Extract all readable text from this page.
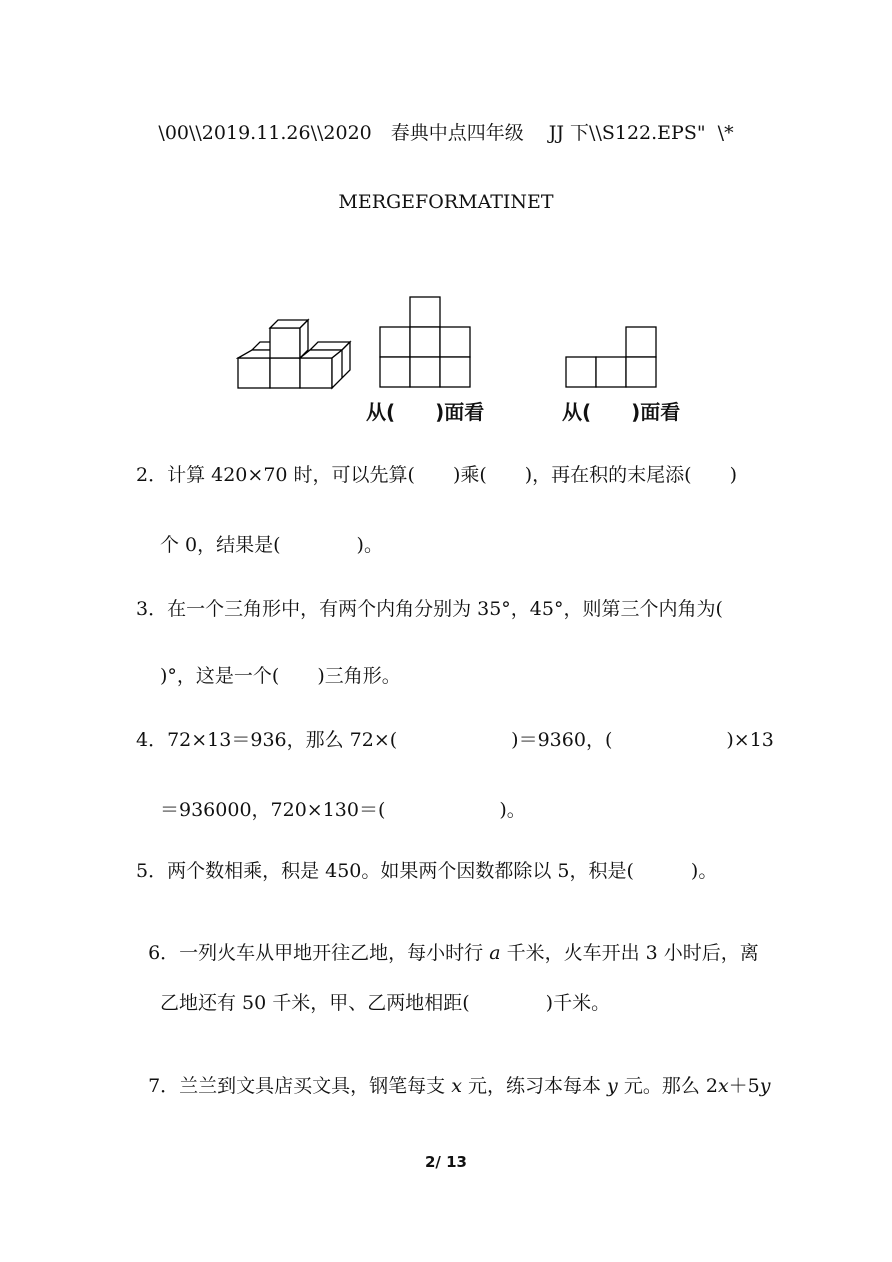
\00\\2019.11.26\\2020　春典中点四年级　 JJ 下\\S122.EPS"  \*
MERGEFORMATINET
从(　　)面看	从(　　)面看
2．计算 420×70 时，可以先算(　　)乘(　　)，再在积的末尾添(　　)
个 0，结果是(　　　　)。
3．在一个三角形中，有两个内角分别为 35°，45°，则第三个内角为(
)°，这是一个(　　)三角形。
4．72×13＝936，那么 72×(　　　　　　)＝9360，(　　　　　　)×13
＝936000，720×130＝(　　　　　　)。
5．两个数相乘，积是 450。如果两个因数都除以 5，积是(　　　)。

6．一列火车从甲地开往乙地，每小时行 a 千米，火车开出 3 小时后，离

乙地还有 50 千米，甲、乙两地相距(　　　　)千米。

7．兰兰到文具店买文具，钢笔每支 x 元，练习本每本 y 元。那么 2x＋5y

2/ 13
